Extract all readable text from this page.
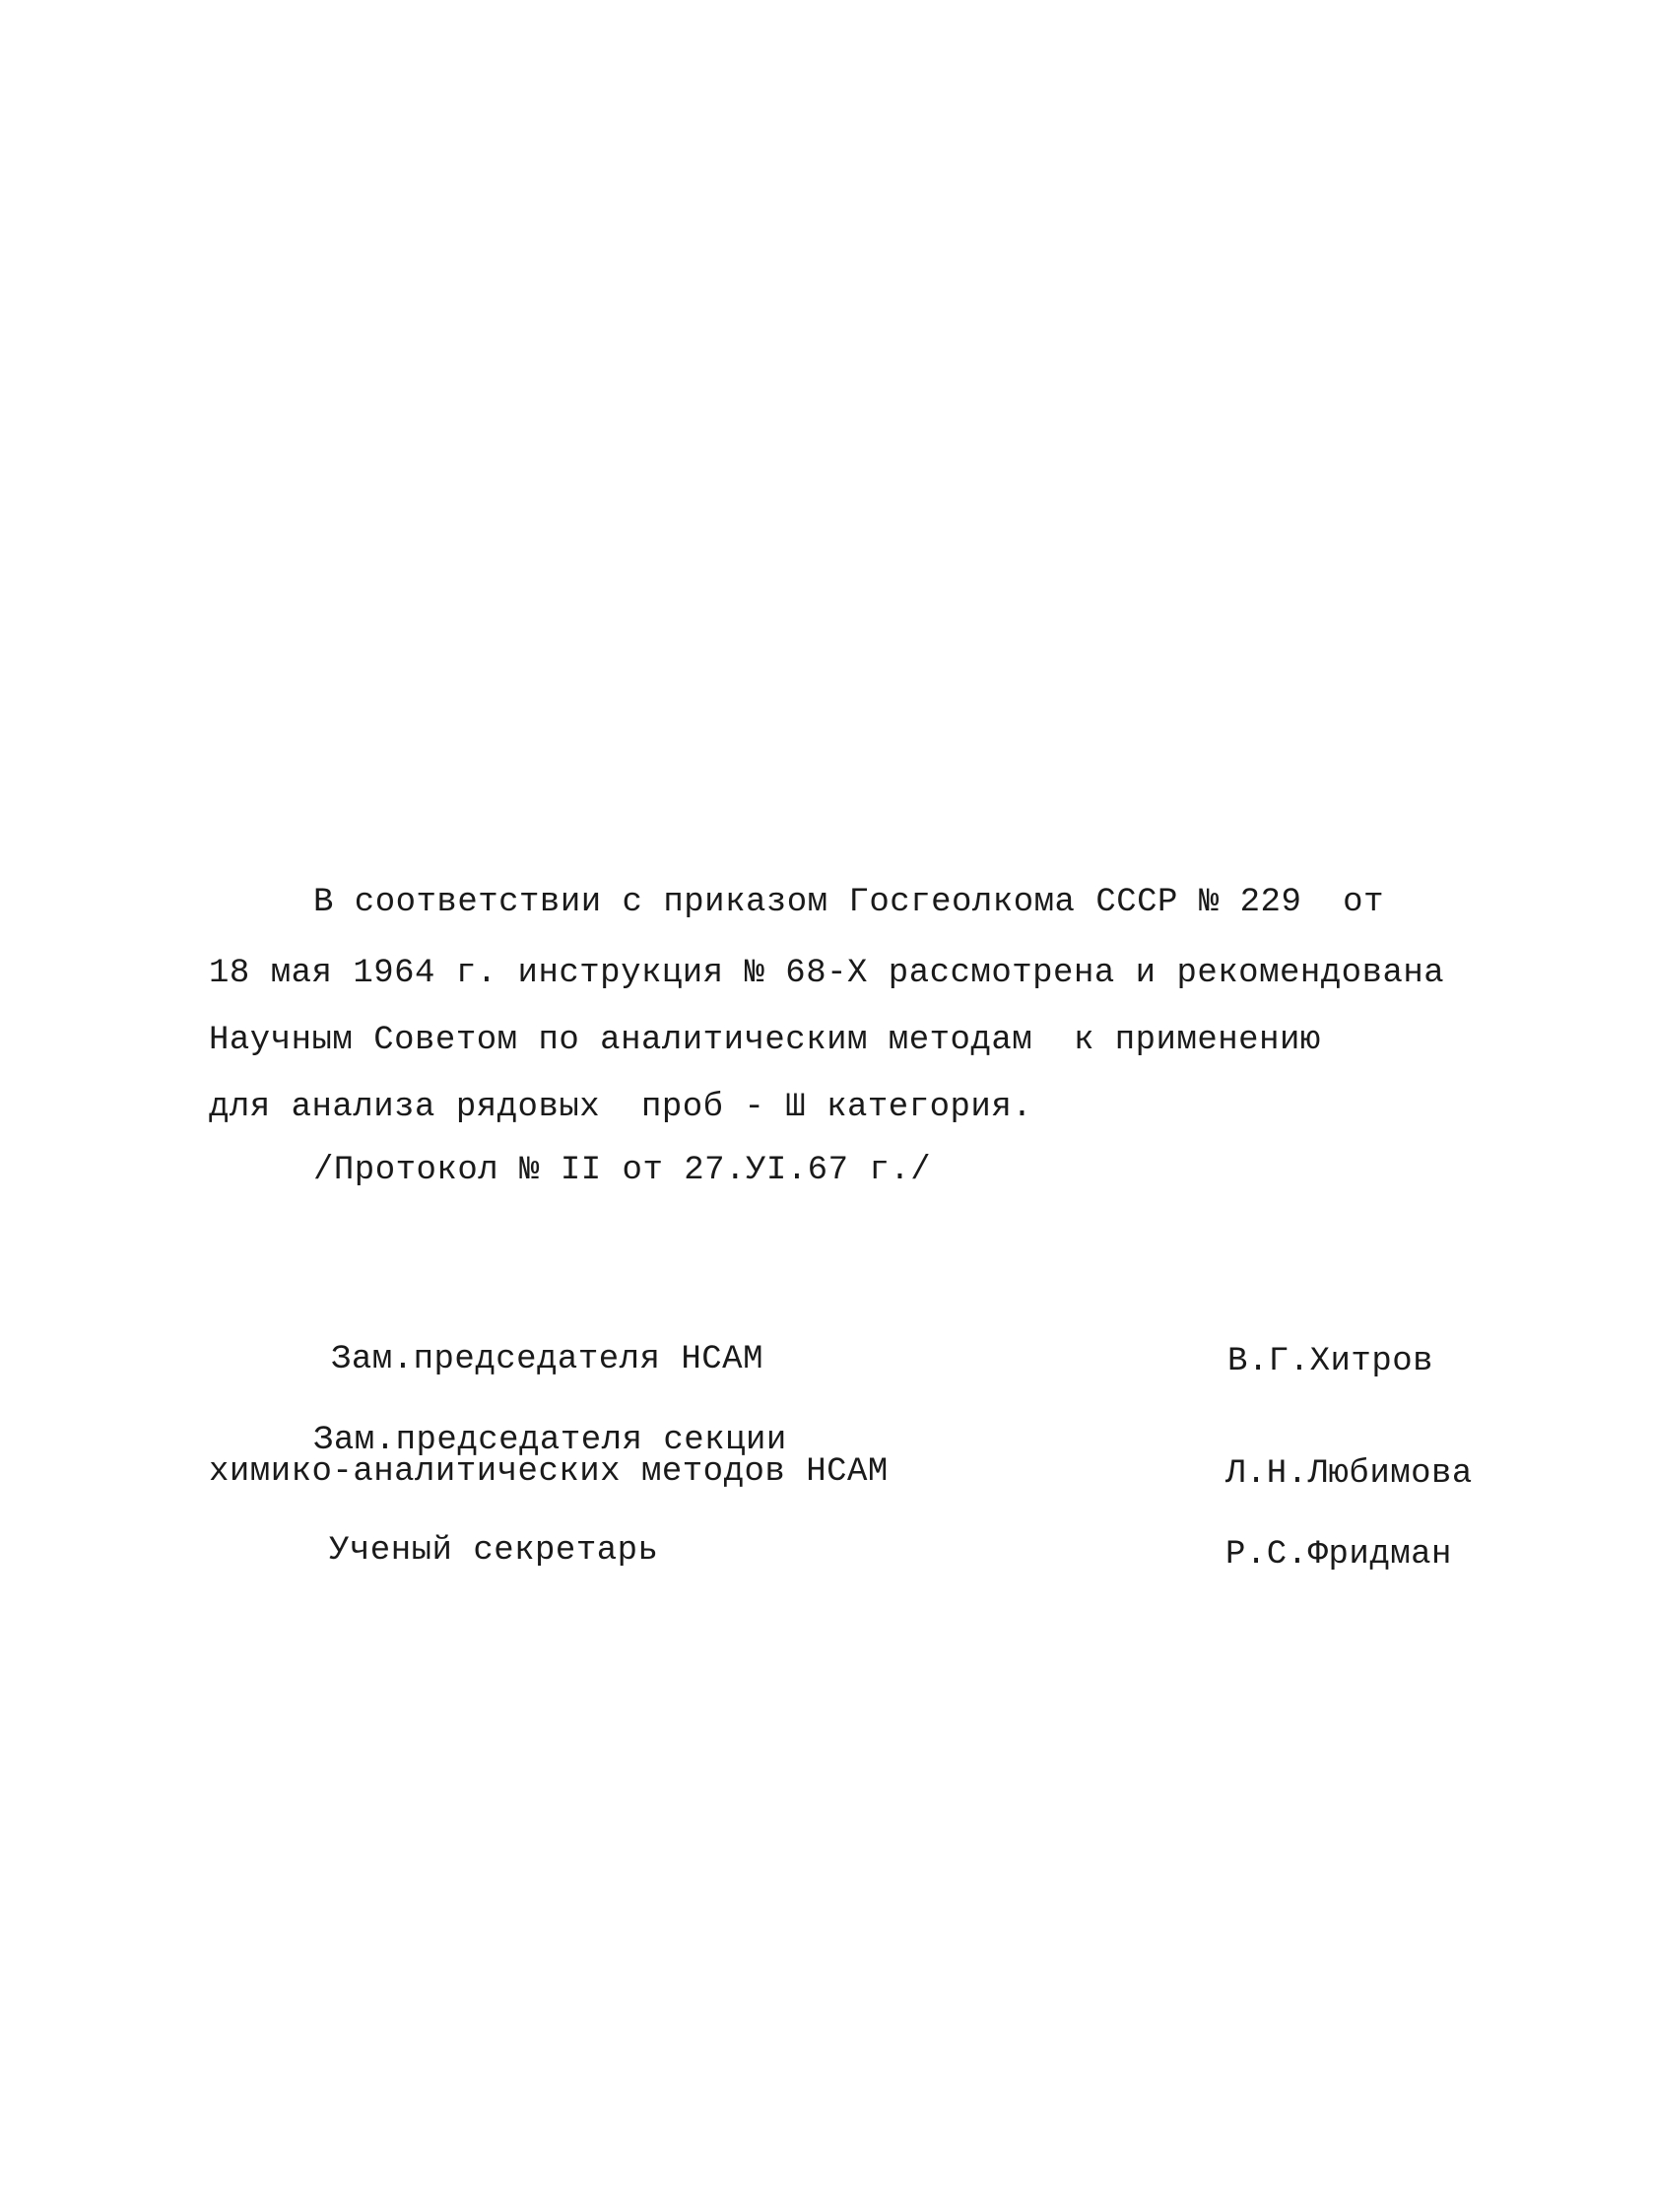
В соответствии с приказом Госгеолкома СССР № 229  от
18 мая 1964 г. инструкция № 68-Х рассмотрена и рекомендована
Научным Советом по аналитическим методам  к применению
для анализа рядовых  проб - Ш категория.
/Протокол № II от 27.УI.67 г./
Зам.председателя НСАМ	В.Г.Хитров
Зам.председателя секции
химико-аналитических методов НСАМ	Л.Н.Любимова
Ученый секретарь	Р.С.Фридман
